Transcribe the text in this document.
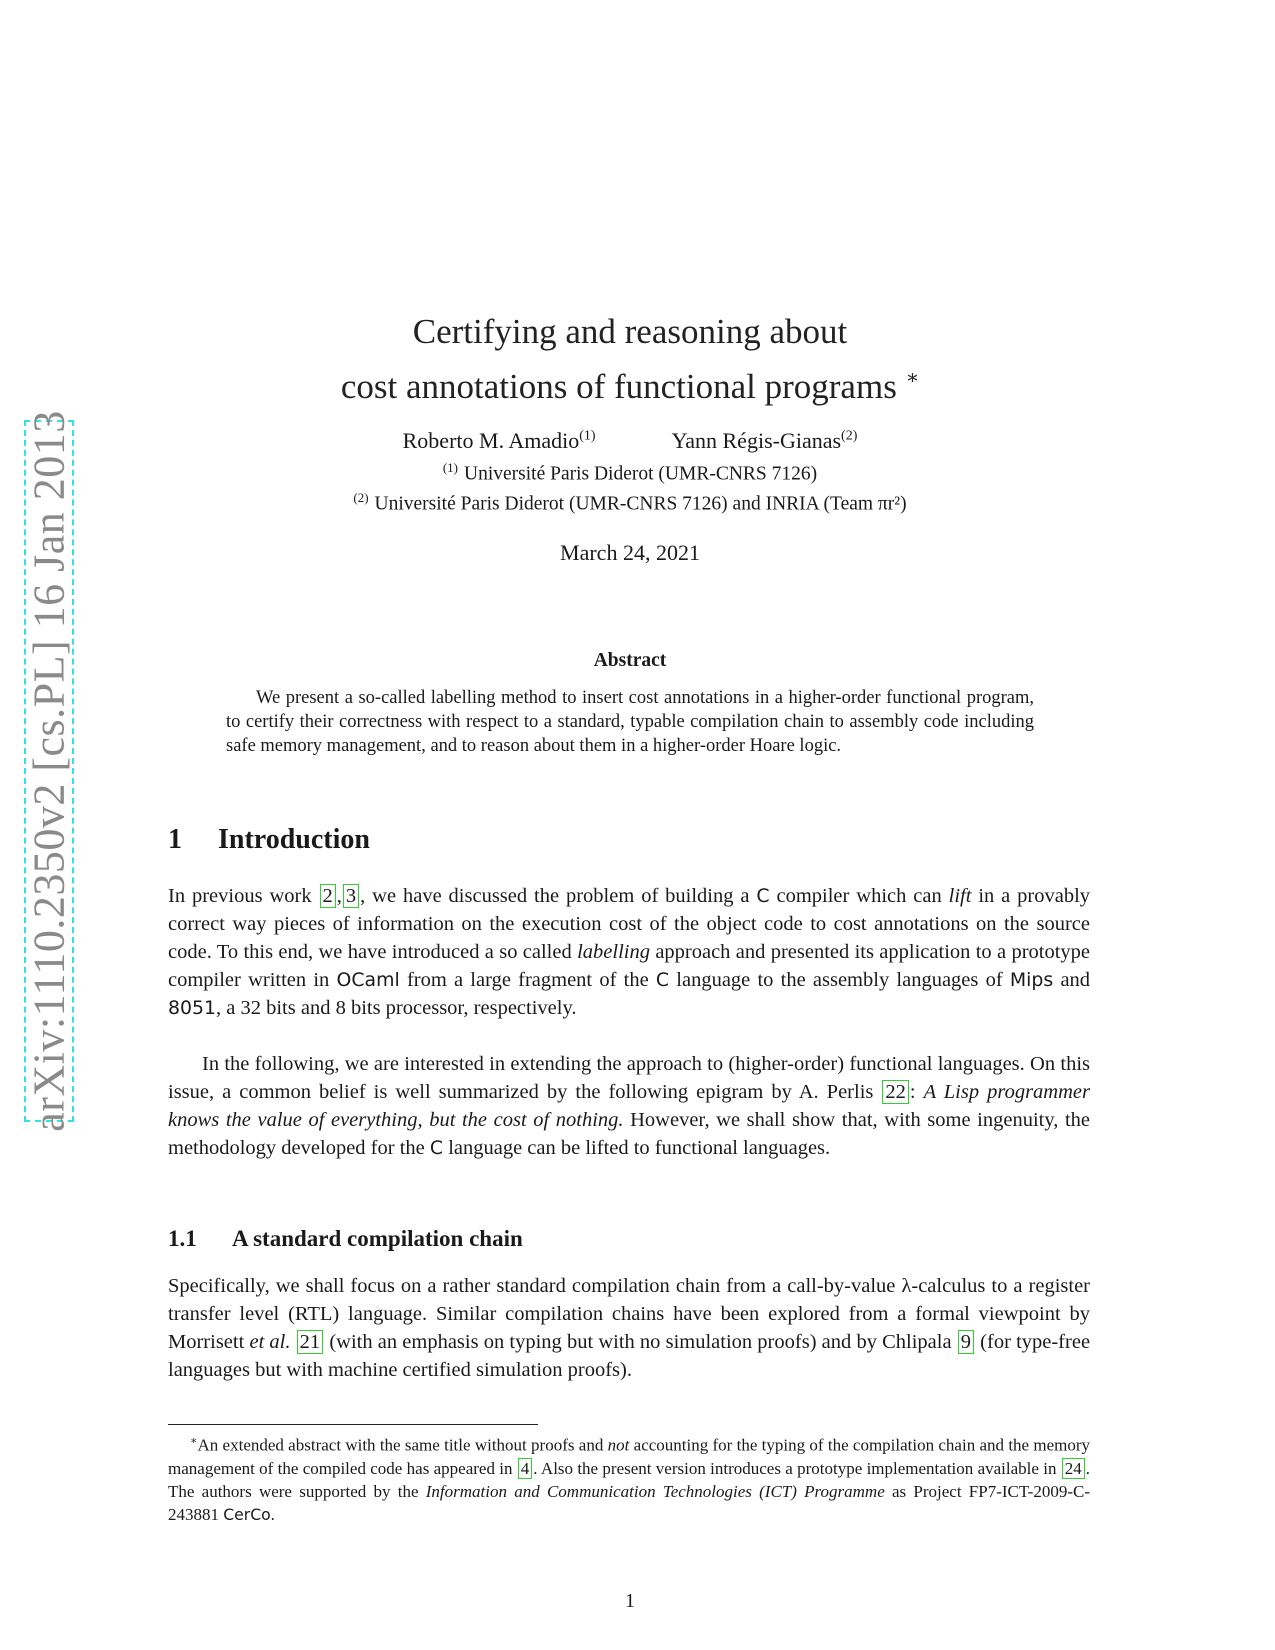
arXiv:1110.2350v2 [cs.PL] 16 Jan 2013
Certifying and reasoning about
cost annotations of functional programs ∗
Roberto M. Amadio$^{(1)}$	Yann Régis-Gianas$^{(2)}$
$^{(1)}$ Université Paris Diderot (UMR-CNRS 7126)
$^{(2)}$ Université Paris Diderot (UMR-CNRS 7126) and INRIA (Team πr²)
March 24, 2021
Abstract
We present a so-called labelling method to insert cost annotations in a higher-order functional program, to certify their correctness with respect to a standard, typable compilation chain to assembly code including safe memory management, and to reason about them in a higher-order Hoare logic.
1 Introduction
In previous work 2 , 3 , we have discussed the problem of building a C compiler which can lift in a provably correct way pieces of information on the execution cost of the object code to cost annotations on the source code. To this end, we have introduced a so called labelling approach and presented its application to a prototype compiler written in OCaml from a large fragment of the C language to the assembly languages of Mips and 8051, a 32 bits and 8 bits processor, respectively.
In the following, we are interested in extending the approach to (higher-order) functional languages. On this issue, a common belief is well summarized by the following epigram by A. Perlis 22 : A Lisp programmer knows the value of everything, but the cost of nothing. However, we shall show that, with some ingenuity, the methodology developed for the C language can be lifted to functional languages.
1.1 A standard compilation chain
Specifically, we shall focus on a rather standard compilation chain from a call-by-value λ-calculus to a register transfer level (RTL) language. Similar compilation chains have been explored from a formal viewpoint by Morrisett et al. 21 (with an emphasis on typing but with no simulation proofs) and by Chlipala 9 (for type-free languages but with machine certified simulation proofs).
∗An extended abstract with the same title without proofs and not accounting for the typing of the compilation chain and the memory management of the compiled code has appeared in 4 . Also the present version introduces a prototype implementation available in 24 . The authors were supported by the Information and Communication Technologies (ICT) Programme as Project FP7-ICT-2009-C-243881 CerCo.
1
